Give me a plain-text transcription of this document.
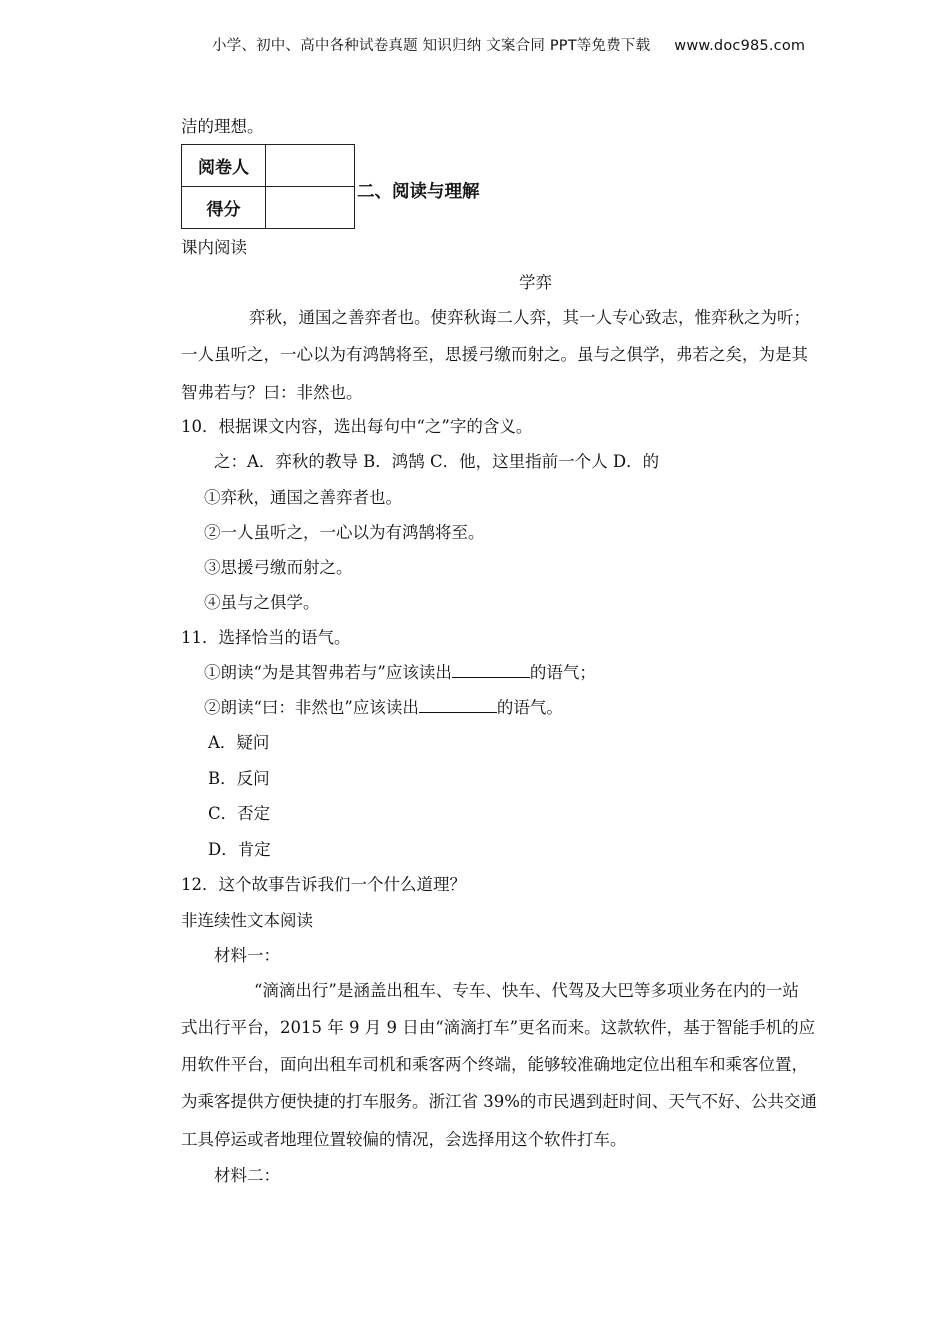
小学、初中、高中各种试卷真题 知识归纳 文案合同 PPT等免费下载 www.doc985.com
洁的理想。
阅卷人	
得分	
二、阅读与理解
课内阅读
学弈
弈秋，通国之善弈者也。使弈秋诲二人弈，其一人专心致志，惟弈秋之为听；
一人虽听之，一心以为有鸿鹄将至，思援弓缴而射之。虽与之俱学，弗若之矣，为是其
智弗若与？曰：非然也。
10．根据课文内容，选出每句中“之”字的含义。
之：A．弈秋的教导 B．鸿鹄 C．他，这里指前一个人 D．的
①弈秋，通国之善弈者也。
②一人虽听之，一心以为有鸿鹄将至。
③思援弓缴而射之。
④虽与之俱学。
11．选择恰当的语气。
①朗读“为是其智弗若与”应该读出	的语气；
②朗读“曰：非然也”应该读出	的语气。
A．疑问
B．反问
C．否定
D．肯定
12．这个故事告诉我们一个什么道理？
非连续性文本阅读
材料一：
“滴滴出行”是涵盖出租车、专车、快车、代驾及大巴等多项业务在内的一站
式出行平台，2015 年 9 月 9 日由“滴滴打车”更名而来。这款软件，基于智能手机的应
用软件平台，面向出租车司机和乘客两个终端，能够较准确地定位出租车和乘客位置，
为乘客提供方便快捷的打车服务。浙江省 39%的市民遇到赶时间、天气不好、公共交通
工具停运或者地理位置较偏的情况，会选择用这个软件打车。
材料二：
